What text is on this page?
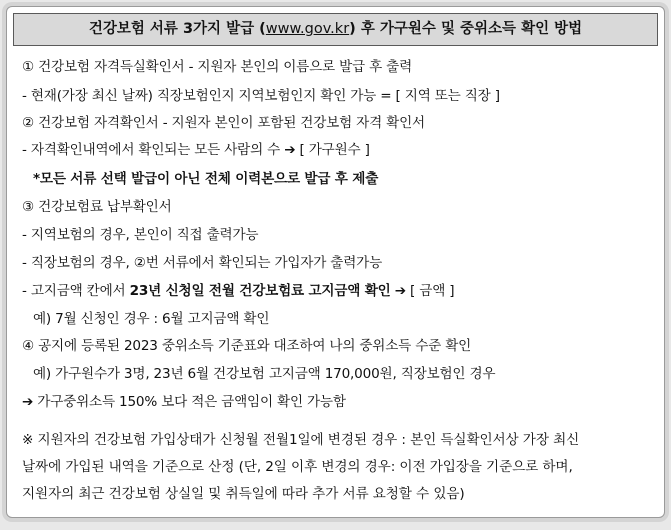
건강보험 서류 3가지 발급 (www.gov.kr) 후 가구원수 및 중위소득 확인 방법
① 건강보험 자격득실확인서 - 지원자 본인의 이름으로 발급 후 출력
- 현재(가장 최신 날짜) 직장보험인지 지역보험인지 확인 가능 = [ 지역 또는 직장 ]
② 건강보험 자격확인서 - 지원자 본인이 포함된 건강보험 자격 확인서
- 자격확인내역에서 확인되는 모든 사람의 수 ➔ [ 가구원수 ]
*모든 서류 선택 발급이 아닌 전체 이력본으로 발급 후 제출
③ 건강보험료 납부확인서
- 지역보험의 경우, 본인이 직접 출력가능
- 직장보험의 경우, ②번 서류에서 확인되는 가입자가 출력가능
- 고지금액 칸에서 23년 신청일 전월 건강보험료 고지금액 확인 ➔ [ 금액 ]
예) 7월 신청인 경우 : 6월 고지금액 확인
④ 공지에 등록된 2023 중위소득 기준표와 대조하여 나의 중위소득 수준 확인
예) 가구원수가 3명, 23년 6월 건강보험 고지금액 170,000원, 직장보험인 경우
➔ 가구중위소득 150% 보다 적은 금액임이 확인 가능함
※ 지원자의 건강보험 가입상태가 신청월 전월1일에 변경된 경우 : 본인 득실확인서상 가장 최신
날짜에 가입된 내역을 기준으로 산정 (단, 2일 이후 변경의 경우: 이전 가입장을 기준으로 하며,
지원자의 최근 건강보험 상실일 및 취득일에 따라 추가 서류 요청할 수 있음)
